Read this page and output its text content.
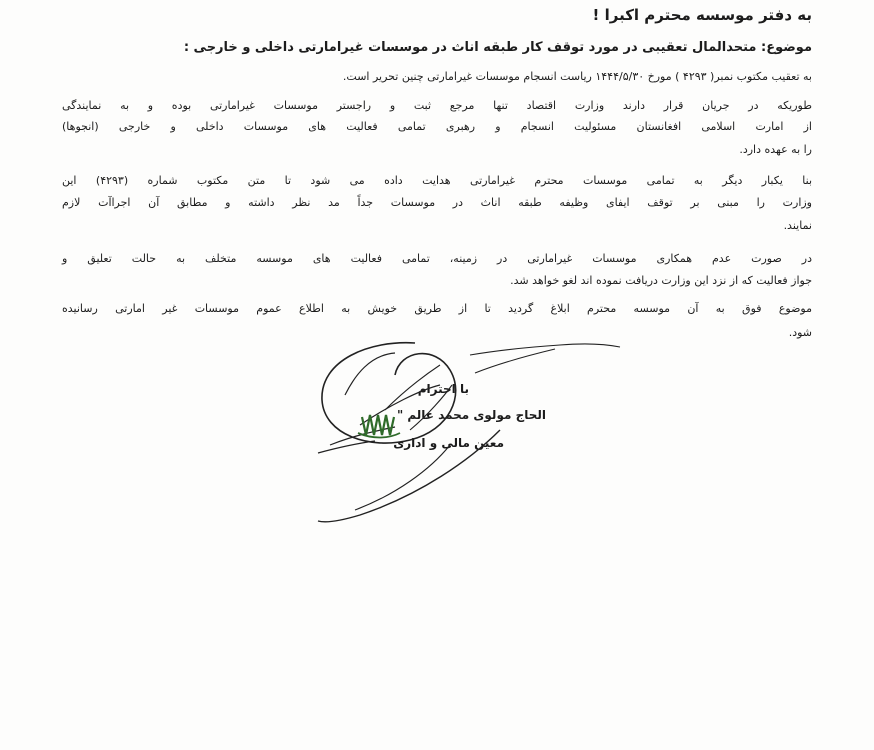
به دفتر موسسه محترم اکبرا !
موضوع: متحدالمال تعقیبی در مورد توقف کار طبقه اناث در موسسات غیرامارتی داخلی و خارجی :
به تعقیب مکتوب نمبر( ۴۲۹۳ ) مورخ ۱۴۴۴/۵/۳۰ ریاست انسجام موسسات غیرامارتی چنین تحریر است.
طوریکه در جریان قرار دارند وزارت اقتصاد تنها مرجع ثبت و راجستر موسسات غیرامارتی بوده و به نمایندگی
از امارت اسلامی افغانستان مسئولیت انسجام و رهبری تمامی فعالیت های موسسات داخلی و خارجی (انجوها)
را به عهده دارد.
بنا یکبار دیگر به تمامی موسسات محترم غیرامارتی هدایت داده می شود تا متن مکتوب شماره (۴۲۹۳) این
وزارت را مبنی بر توقف ایفای وظیفه طبقه اناث در موسسات جداً مد نظر داشته و مطابق آن اجراآت لازم
نمایند.
در صورت عدم همکاری موسسات غیرامارتی در زمینه، تمامی فعالیت های موسسه متخلف به حالت تعلیق و
جواز فعالیت که از نزد این وزارت دریافت نموده اند لغو خواهد شد.
موضوع فوق به آن موسسه محترم ابلاغ گردید تا از طریق خویش به اطلاع عموم موسسات غیر امارتی رسانیده
شود.
با احترام
الحاج مولوی محمد عالم "
معین مالی و اداری
